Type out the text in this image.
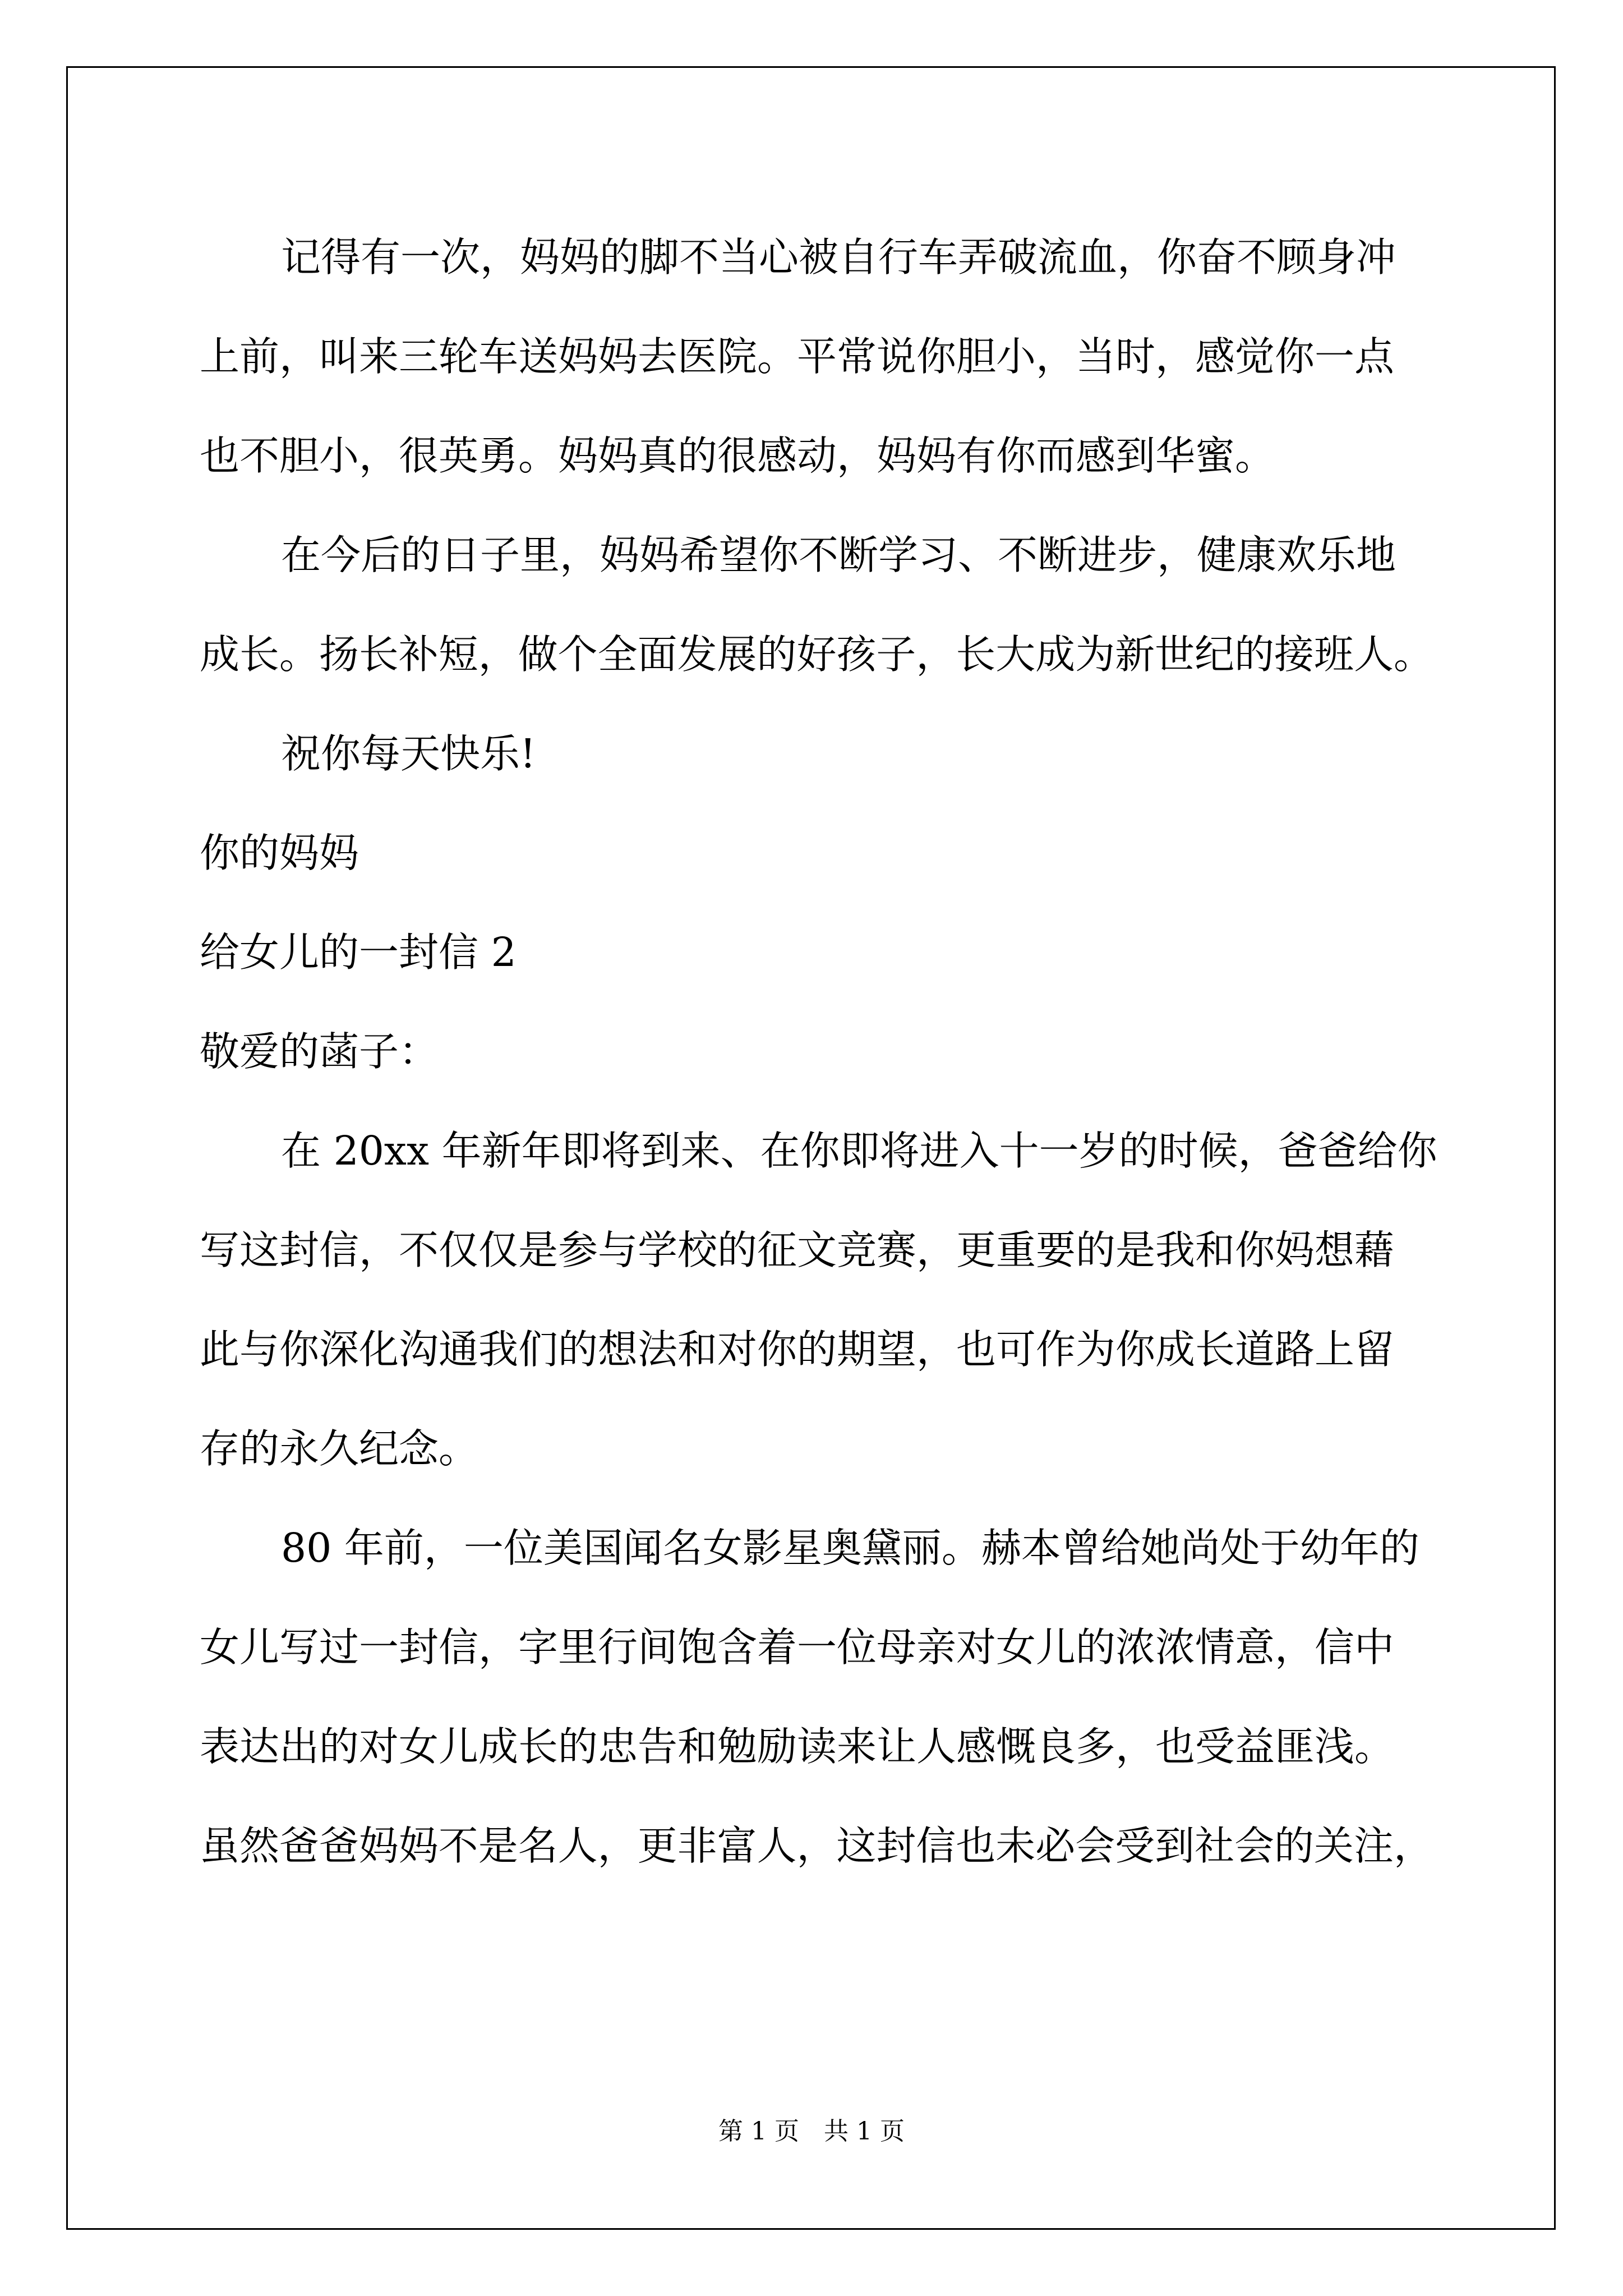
记得有一次，妈妈的脚不当心被自行车弄破流血，你奋不顾身冲
上前，叫来三轮车送妈妈去医院。平常说你胆小，当时，感觉你一点
也不胆小，很英勇。妈妈真的很感动，妈妈有你而感到华蜜。
在今后的日子里，妈妈希望你不断学习、不断进步，健康欢乐地
成长。扬长补短，做个全面发展的好孩子，长大成为新世纪的接班人。
祝你每天快乐!
你的妈妈
给女儿的一封信 2
敬爱的菡子：
在 20xx 年新年即将到来、在你即将进入十一岁的时候，爸爸给你
写这封信，不仅仅是参与学校的征文竞赛，更重要的是我和你妈想藉
此与你深化沟通我们的想法和对你的期望，也可作为你成长道路上留
存的永久纪念。
80 年前，一位美国闻名女影星奥黛丽。赫本曾给她尚处于幼年的
女儿写过一封信，字里行间饱含着一位母亲对女儿的浓浓情意，信中
表达出的对女儿成长的忠告和勉励读来让人感慨良多，也受益匪浅。
虽然爸爸妈妈不是名人，更非富人，这封信也未必会受到社会的关注，
第 1 页　共 1 页
